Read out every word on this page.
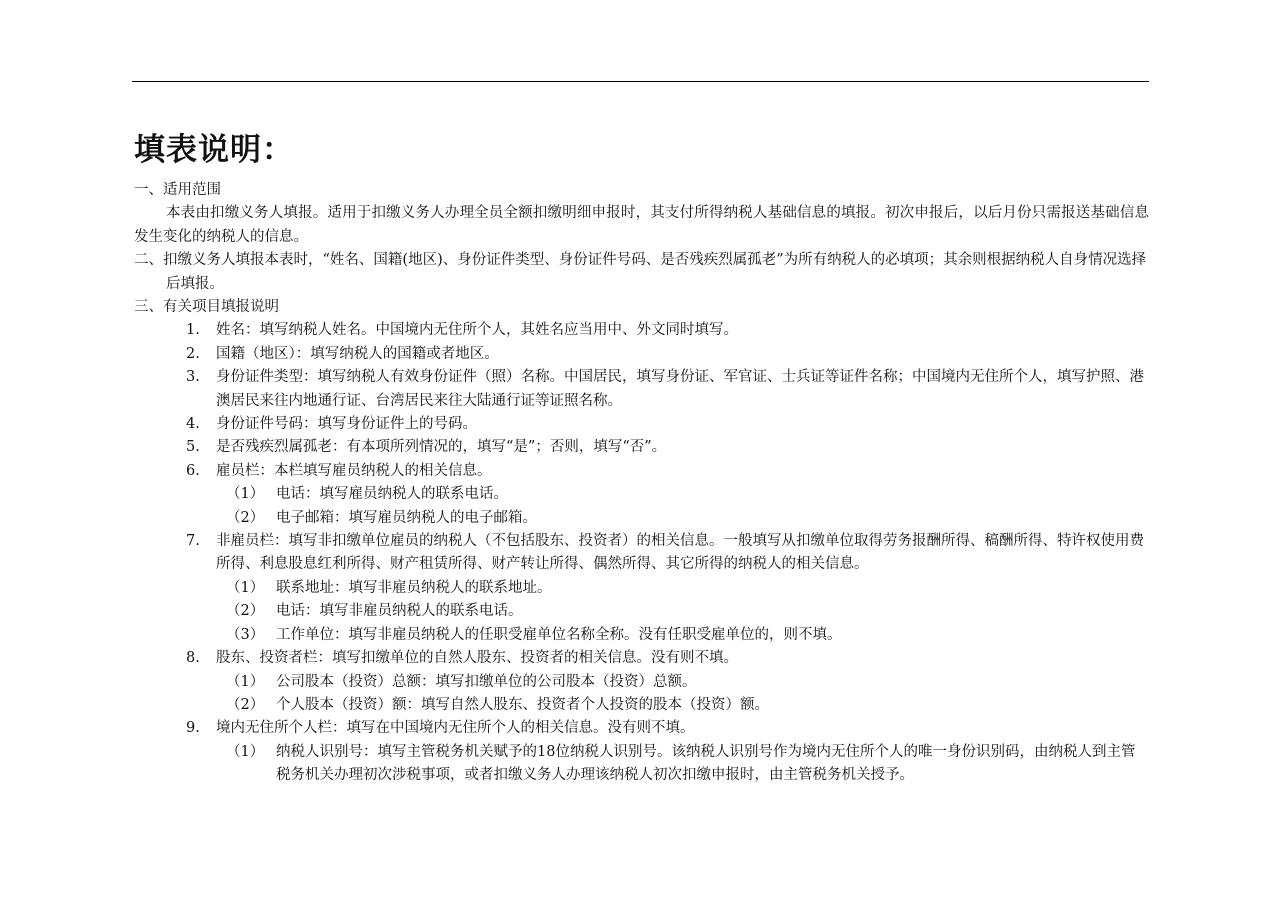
填表说明：
一、适用范围
本表由扣缴义务人填报。适用于扣缴义务人办理全员全额扣缴明细申报时，其支付所得纳税人基础信息的填报。初次申报后，以后月份只需报送基础信息发生变化的纳税人的信息。
二、扣缴义务人填报本表时，“姓名、国籍(地区)、身份证件类型、身份证件号码、是否残疾烈属孤老”为所有纳税人的必填项；其余则根据纳税人自身情况选择后填报。
三、有关项目填报说明
1. 姓名：填写纳税人姓名。中国境内无住所个人，其姓名应当用中、外文同时填写。
2. 国籍（地区）：填写纳税人的国籍或者地区。
3. 身份证件类型：填写纳税人有效身份证件（照）名称。中国居民，填写身份证、军官证、士兵证等证件名称；中国境内无住所个人，填写护照、港澳居民来往内地通行证、台湾居民来往大陆通行证等证照名称。
4. 身份证件号码：填写身份证件上的号码。
5. 是否残疾烈属孤老：有本项所列情况的，填写“是”；否则，填写“否”。
6. 雇员栏：本栏填写雇员纳税人的相关信息。
（1） 电话：填写雇员纳税人的联系电话。
（2） 电子邮箱：填写雇员纳税人的电子邮箱。
7. 非雇员栏：填写非扣缴单位雇员的纳税人（不包括股东、投资者）的相关信息。一般填写从扣缴单位取得劳务报酬所得、稿酬所得、特许权使用费所得、利息股息红利所得、财产租赁所得、财产转让所得、偶然所得、其它所得的纳税人的相关信息。
（1） 联系地址：填写非雇员纳税人的联系地址。
（2） 电话：填写非雇员纳税人的联系电话。
（3） 工作单位：填写非雇员纳税人的任职受雇单位名称全称。没有任职受雇单位的，则不填。
8. 股东、投资者栏：填写扣缴单位的自然人股东、投资者的相关信息。没有则不填。
（1） 公司股本（投资）总额：填写扣缴单位的公司股本（投资）总额。
（2） 个人股本（投资）额：填写自然人股东、投资者个人投资的股本（投资）额。
9. 境内无住所个人栏：填写在中国境内无住所个人的相关信息。没有则不填。
（1） 纳税人识别号：填写主管税务机关赋予的18位纳税人识别号。该纳税人识别号作为境内无住所个人的唯一身份识别码，由纳税人到主管税务机关办理初次涉税事项，或者扣缴义务人办理该纳税人初次扣缴申报时，由主管税务机关授予。
